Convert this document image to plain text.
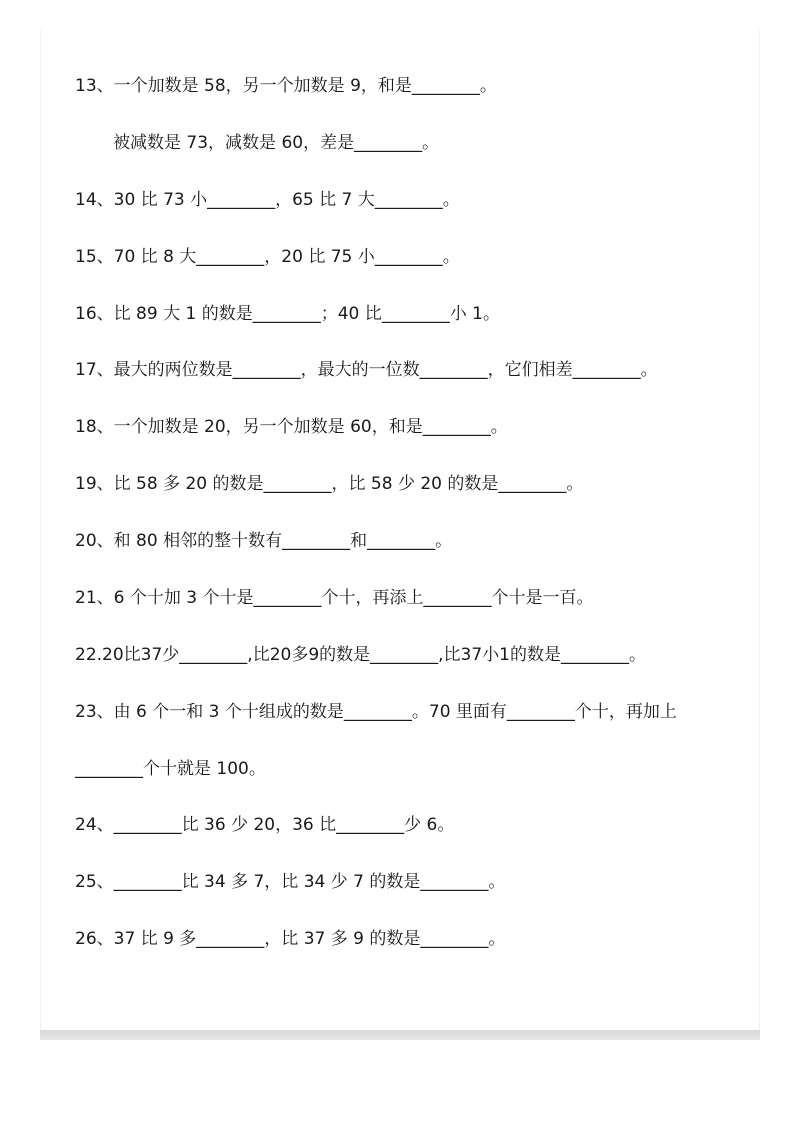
13、一个加数是 58，另一个加数是 9，和是________。
被减数是 73，减数是 60，差是________。
14、30 比 73 小________，65 比 7 大________。
15、70 比 8 大________，20 比 75 小________。
16、比 89 大 1 的数是________；40 比________小 1。
17、最大的两位数是________，最大的一位数________，它们相差________。
18、一个加数是 20，另一个加数是 60，和是________。
19、比 58 多 20 的数是________，比 58 少 20 的数是________。
20、和 80 相邻的整十数有________和________。
21、6 个十加 3 个十是________个十，再添上________个十是一百。
22.20比37少________,比20多9的数是________,比37小1的数是________。
23、由 6 个一和 3 个十组成的数是________。70 里面有________个十，再加上
________个十就是 100。
24、________比 36 少 20，36 比________少 6。
25、________比 34 多 7，比 34 少 7 的数是________。
26、37 比 9 多________，比 37 多 9 的数是________。
